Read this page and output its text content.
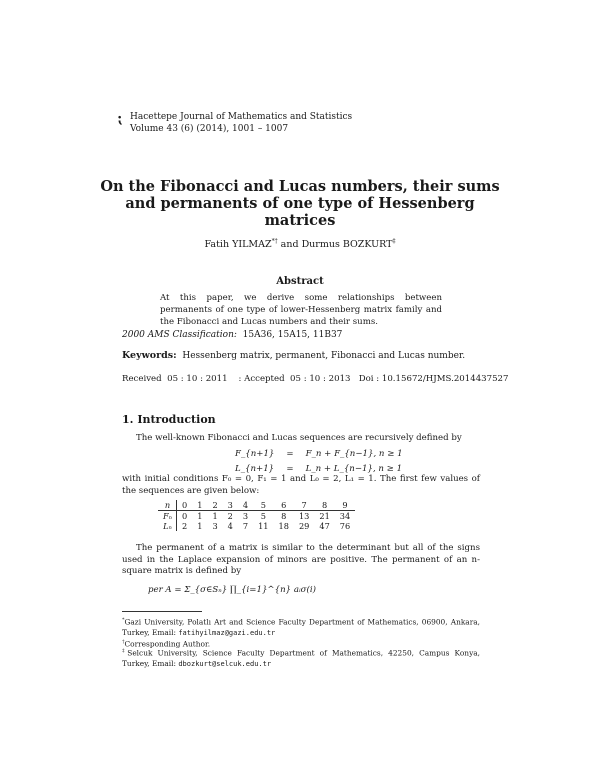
⁏ Hacettepe Journal of Mathematics and Statistics
Volume 43 (6) (2014), 1001 – 1007
On the Fibonacci and Lucas numbers, their sums and permanents of one type of Hessenberg matrices
Fatih YILMAZ*† and Durmus BOZKURT‡
Abstract
At this paper, we derive some relationships between permanents of one type of lower-Hessenberg matrix family and the Fibonacci and Lucas numbers and their sums.
2000 AMS Classification: 15A36, 15A15, 11B37
Keywords: Hessenberg matrix, permanent, Fibonacci and Lucas number.
Received  05 : 10 : 2011    : Accepted  05 : 10 : 2013   Doi : 10.15672/HJMS.2014437527
1. Introduction
The well-known Fibonacci and Lucas sequences are recursively defined by
F_{n+1}	=	F_n + F_{n−1}, n ≥ 1
L_{n+1}	=	L_n + L_{n−1}, n ≥ 1
with initial conditions F₀ = 0, F₁ = 1 and L₀ = 2, L₁ = 1. The first few values of the sequences are given below:
n	0	1	2	3	4	5	6	7	8	9
Fₙ	0	1	1	2	3	5	8	13	21	34
Lₙ	2	1	3	4	7	11	18	29	47	76
The permanent of a matrix is similar to the determinant but all of the signs used in the Laplace expansion of minors are positive. The permanent of an n-square matrix is defined by
per A = Σ_{σ∈Sₙ} ∏_{i=1}^{n} aᵢσ(i)
*Gazi University, Polatlı Art and Science Faculty Department of Mathematics, 06900, Ankara, Turkey, Email: fatihyilmaz@gazi.edu.tr
†Corresponding Author.
‡Selcuk University, Science Faculty Department of Mathematics, 42250, Campus Konya, Turkey, Email: dbozkurt@selcuk.edu.tr
